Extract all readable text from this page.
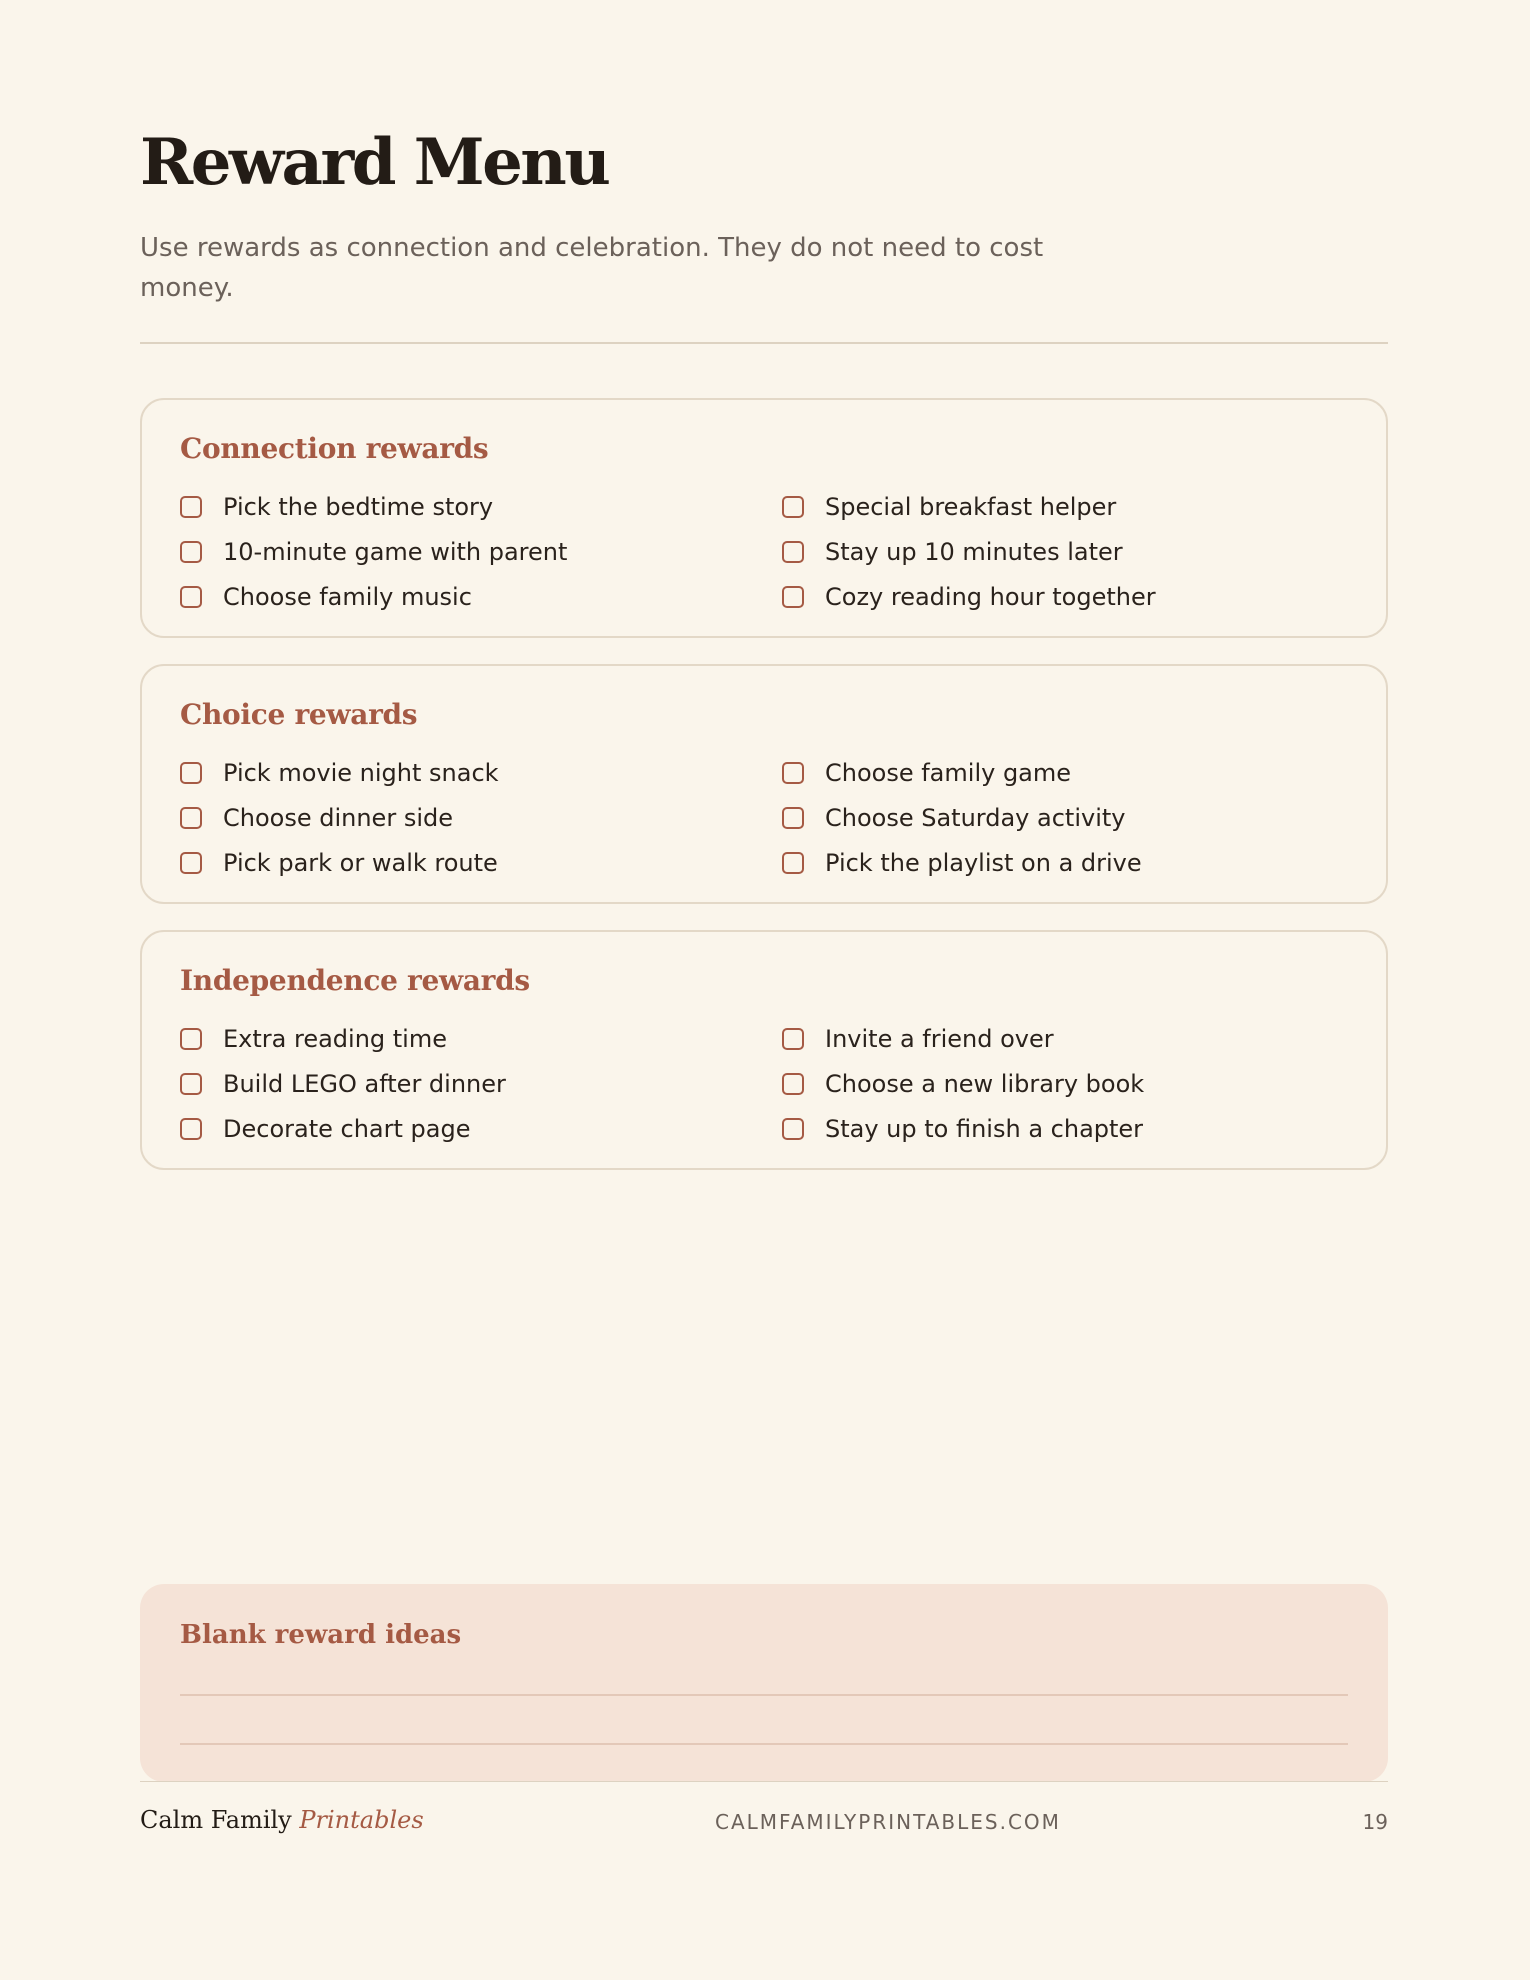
Reward Menu

Use rewards as connection and celebration. They do not need to cost money.

Connection rewards
Pick the bedtime story	Special breakfast helper
10-minute game with parent	Stay up 10 minutes later
Choose family music	Cozy reading hour together
Choice rewards
Pick movie night snack	Choose family game
Choose dinner side	Choose Saturday activity
Pick park or walk route	Pick the playlist on a drive
Independence rewards
Extra reading time	Invite a friend over
Build LEGO after dinner	Choose a new library book
Decorate chart page	Stay up to finish a chapter
Blank reward ideas
Calm Family Printables	CALMFAMILYPRINTABLES.COM	19
